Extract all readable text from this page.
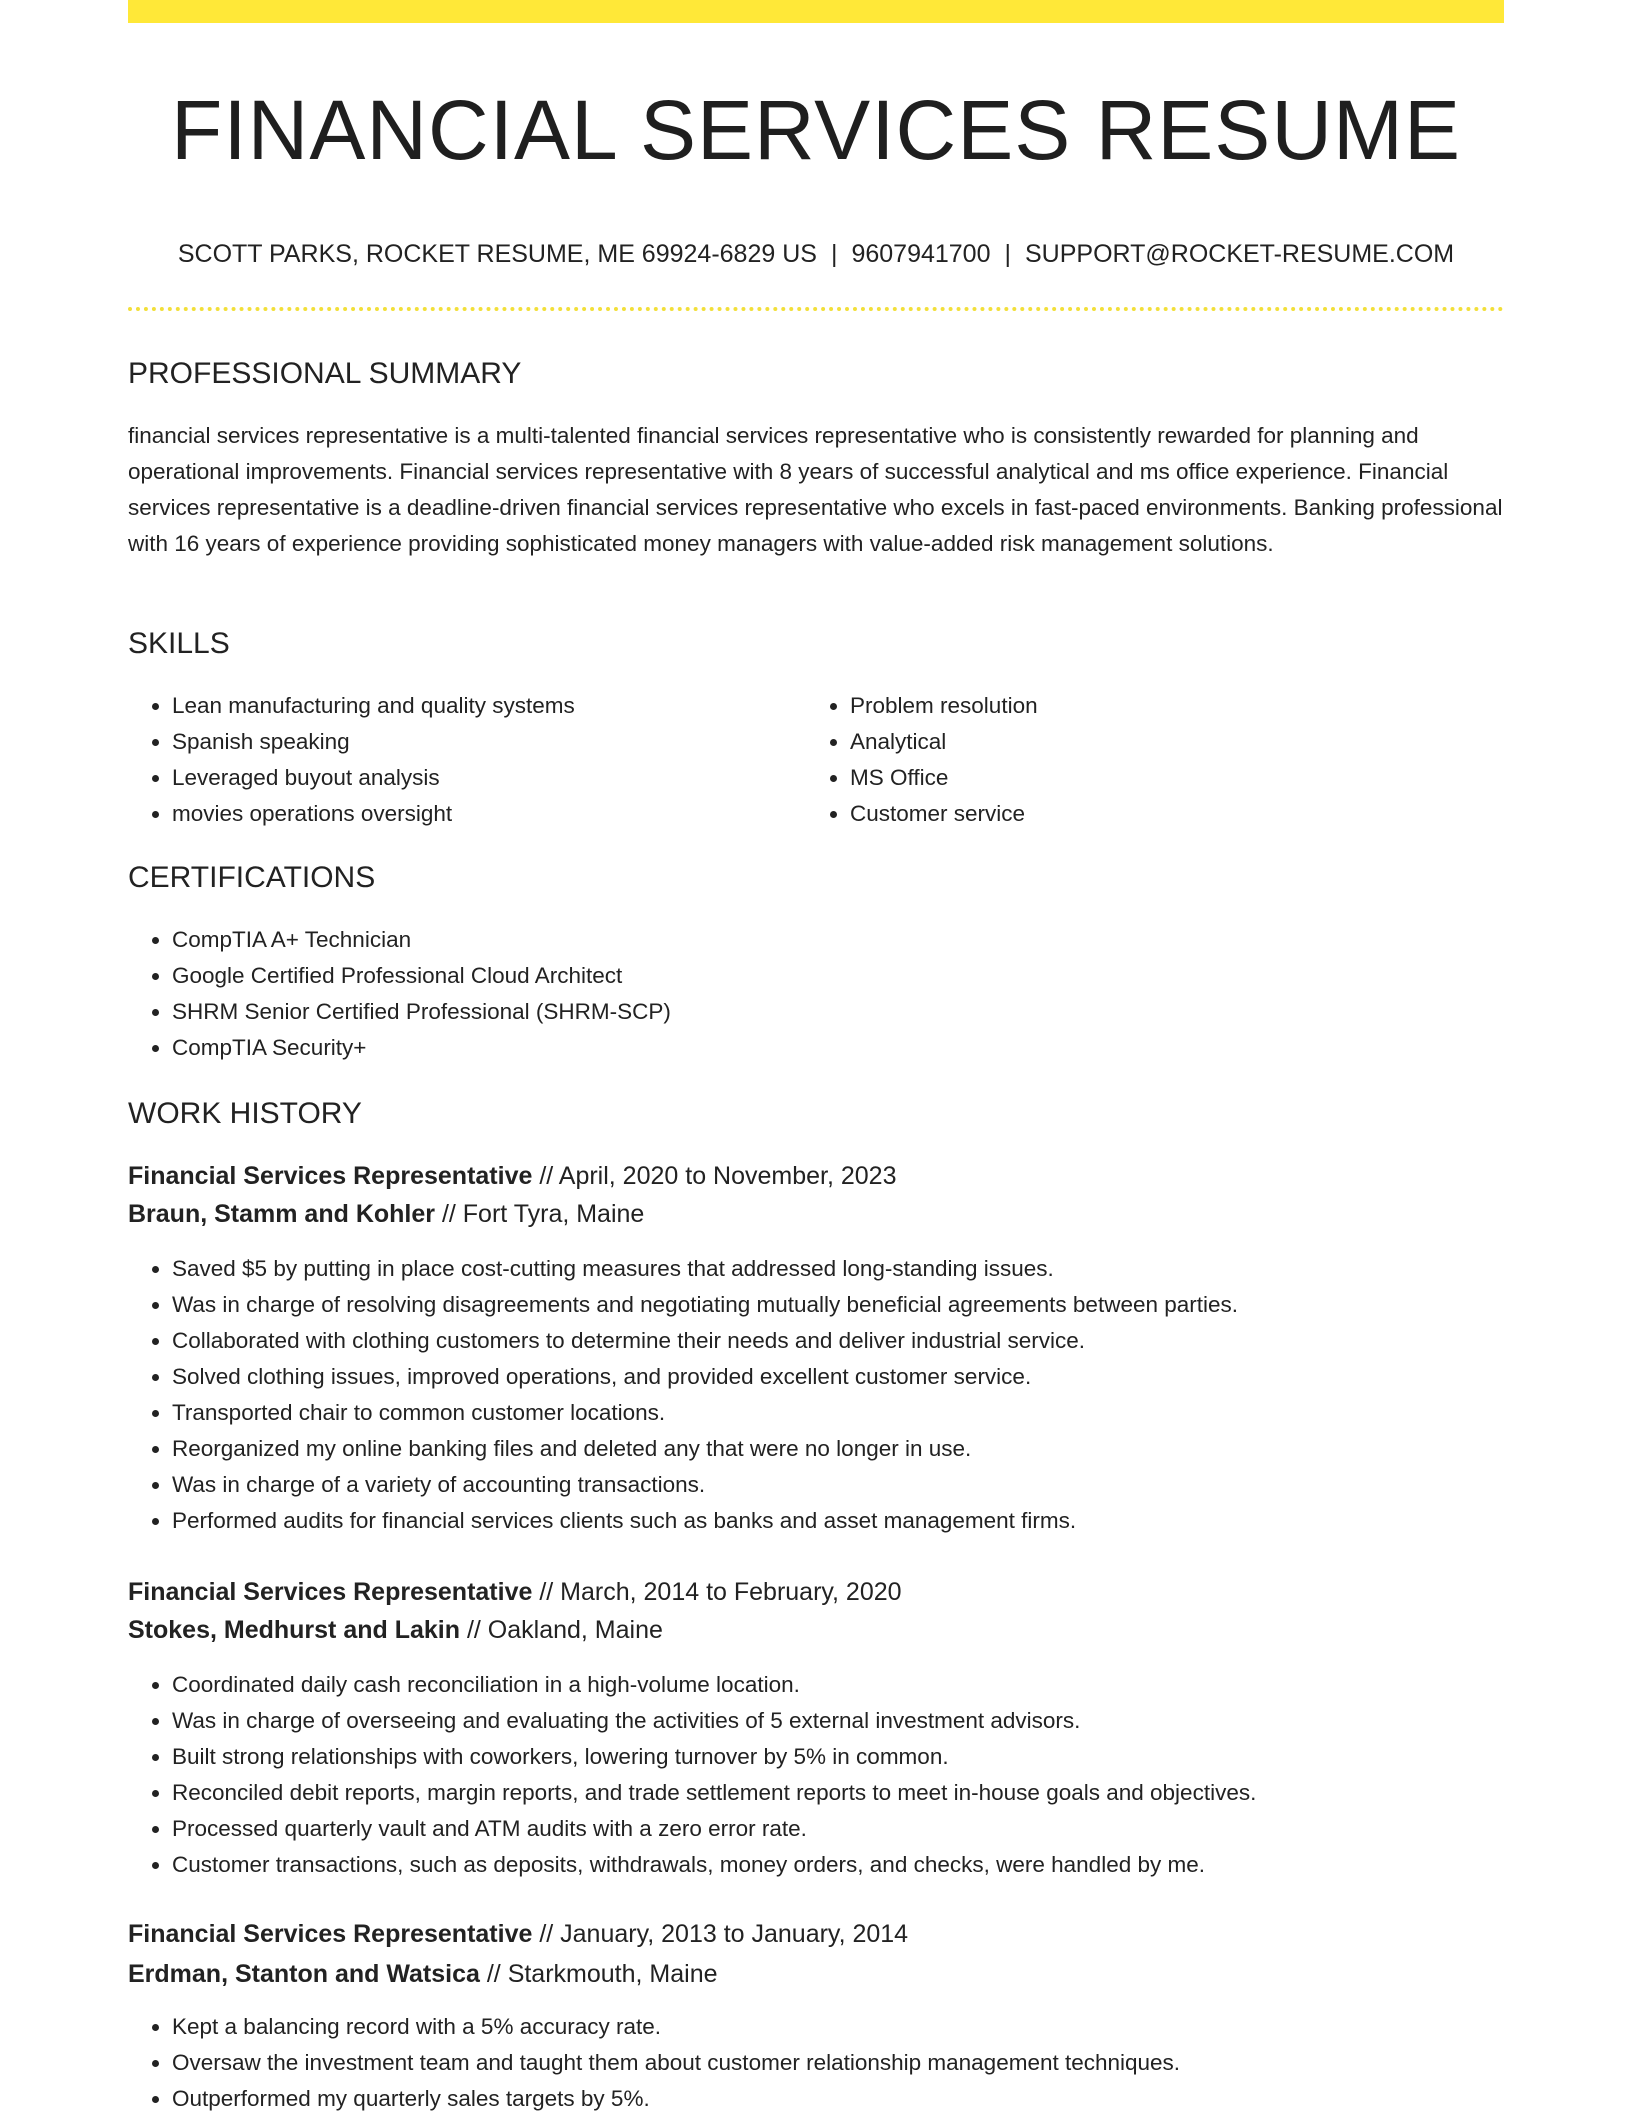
FINANCIAL SERVICES RESUME
SCOTT PARKS, ROCKET RESUME, ME 69924-6829 US | 9607941700 | SUPPORT@ROCKET-RESUME.COM
PROFESSIONAL SUMMARY

financial services representative is a multi-talented financial services representative who is consistently rewarded for planning and operational improvements. Financial services representative with 8 years of successful analytical and ms office experience. Financial services representative is a deadline-driven financial services representative who excels in fast-paced environments. Banking professional with 16 years of experience providing sophisticated money managers with value-added risk management solutions.

SKILLS
• Lean manufacturing and quality systems
• Spanish speaking
• Leveraged buyout analysis
• movies operations oversight
• Problem resolution
• Analytical
• MS Office
• Customer service
CERTIFICATIONS
• CompTIA A+ Technician
• Google Certified Professional Cloud Architect
• SHRM Senior Certified Professional (SHRM-SCP)
• CompTIA Security+
WORK HISTORY
Financial Services Representative // April, 2020 to November, 2023
Braun, Stamm and Kohler // Fort Tyra, Maine
• Saved $5 by putting in place cost-cutting measures that addressed long-standing issues.
• Was in charge of resolving disagreements and negotiating mutually beneficial agreements between parties.
• Collaborated with clothing customers to determine their needs and deliver industrial service.
• Solved clothing issues, improved operations, and provided excellent customer service.
• Transported chair to common customer locations.
• Reorganized my online banking files and deleted any that were no longer in use.
• Was in charge of a variety of accounting transactions.
• Performed audits for financial services clients such as banks and asset management firms.
Financial Services Representative // March, 2014 to February, 2020
Stokes, Medhurst and Lakin // Oakland, Maine
• Coordinated daily cash reconciliation in a high-volume location.
• Was in charge of overseeing and evaluating the activities of 5 external investment advisors.
• Built strong relationships with coworkers, lowering turnover by 5% in common.
• Reconciled debit reports, margin reports, and trade settlement reports to meet in-house goals and objectives.
• Processed quarterly vault and ATM audits with a zero error rate.
• Customer transactions, such as deposits, withdrawals, money orders, and checks, were handled by me.
Financial Services Representative // January, 2013 to January, 2014
Erdman, Stanton and Watsica // Starkmouth, Maine
• Kept a balancing record with a 5% accuracy rate.
• Oversaw the investment team and taught them about customer relationship management techniques.
• Outperformed my quarterly sales targets by 5%.
